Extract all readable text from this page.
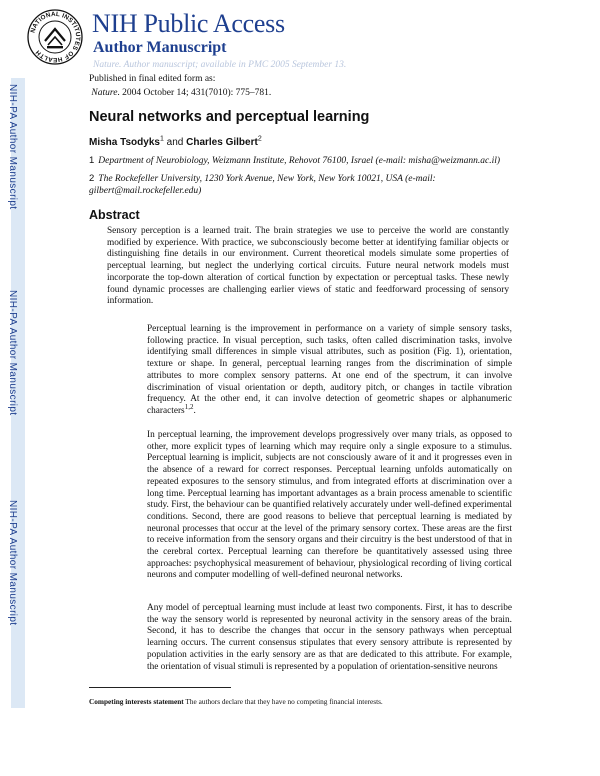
NATIONAL INSTITUTES OF HEALTH
NIH Public Access
Author Manuscript
Nature. Author manuscript; available in PMC 2005 September 13.
NIH-PA Author Manuscript
NIH-PA Author Manuscript
NIH-PA Author Manuscript
Published in final edited form as:
Nature. 2004 October 14; 431(7010): 775–781.
Neural networks and perceptual learning
Misha Tsodyks$^1$ and Charles Gilbert$^2$
1 Department of Neurobiology, Weizmann Institute, Rehovot 76100, Israel (e-mail: misha@weizmann.ac.il)
2 The Rockefeller University, 1230 York Avenue, New York, New York 10021, USA (e-mail: gilbert@mail.rockefeller.edu)
Abstract
Sensory perception is a learned trait. The brain strategies we use to perceive the world are constantly modified by experience. With practice, we subconsciously become better at identifying familiar objects or distinguishing fine details in our environment. Current theoretical models simulate some properties of perceptual learning, but neglect the underlying cortical circuits. Future neural network models must incorporate the top-down alteration of cortical function by expectation or perceptual tasks. These newly found dynamic processes are challenging earlier views of static and feedforward processing of sensory information.
Perceptual learning is the improvement in performance on a variety of simple sensory tasks, following practice. In visual perception, such tasks, often called discrimination tasks, involve identifying small differences in simple visual attributes, such as position (Fig. 1), orientation, texture or shape. In general, perceptual learning ranges from the discrimination of simple attributes to more complex sensory patterns. At one end of the spectrum, it can involve discrimination of visual orientation or depth, auditory pitch, or changes in tactile vibration frequency. At the other end, it can involve detection of geometric shapes or alphanumeric characters$^{1,2}$.
In perceptual learning, the improvement develops progressively over many trials, as opposed to other, more explicit types of learning which may require only a single exposure to a stimulus. Perceptual learning is implicit, subjects are not consciously aware of it and it progresses even in the absence of a reward for correct responses. Perceptual learning unfolds automatically on repeated exposures to the sensory stimulus, and from integrated efforts at discrimination over a long time. Perceptual learning has important advantages as a brain process amenable to scientific study. First, the behaviour can be quantified relatively accurately under well-defined experimental conditions. Second, there are good reasons to believe that perceptual learning is mediated by neuronal processes that occur at the level of the primary sensory cortex. These areas are the first to receive information from the sensory organs and their circuitry is the best understood of that in the cerebral cortex. Perceptual learning can therefore be quantitatively assessed using three approaches: psychophysical measurement of behaviour, physiological recording of living cortical neurons and computer modelling of well-defined neuronal networks.
Any model of perceptual learning must include at least two components. First, it has to describe the way the sensory world is represented by neuronal activity in the sensory areas of the brain. Second, it has to describe the changes that occur in the sensory pathways when perceptual learning occurs. The current consensus stipulates that every sensory attribute is represented by population activities in the early sensory are as that are dedicated to this attribute. For example, the orientation of visual stimuli is represented by a population of orientation-sensitive neurons
Competing interests statement The authors declare that they have no competing financial interests.
